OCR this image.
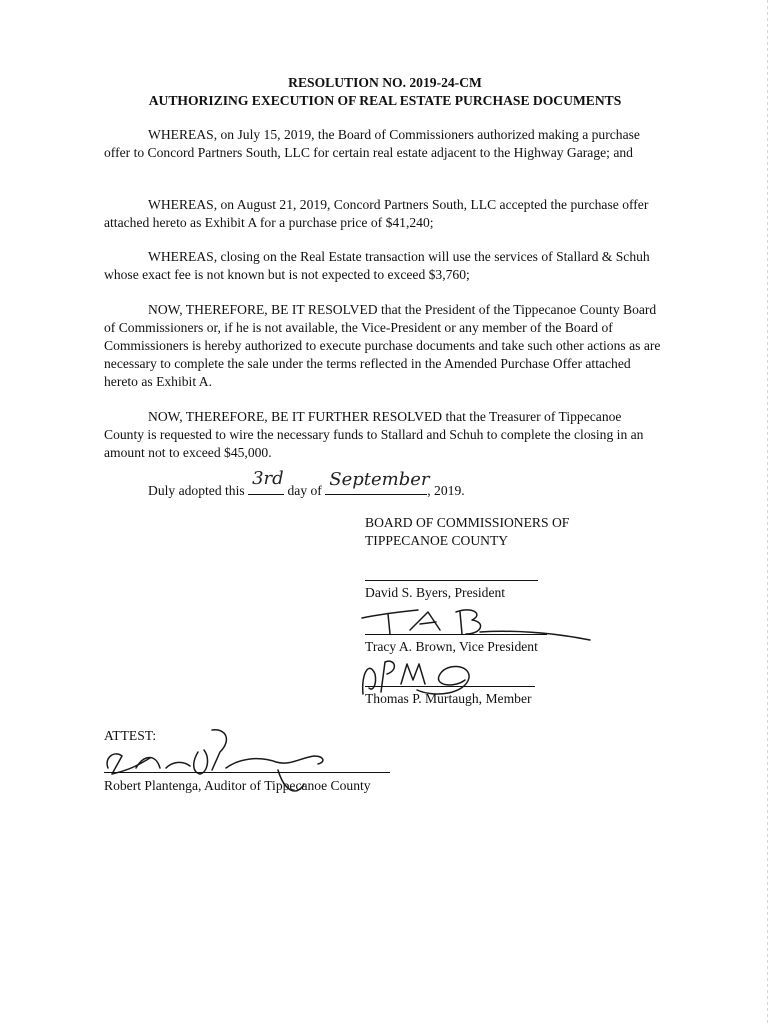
RESOLUTION NO. 2019-24-CM
AUTHORIZING EXECUTION OF REAL ESTATE PURCHASE DOCUMENTS

WHEREAS, on July 15, 2019, the Board of Commissioners authorized making a purchase offer to Concord Partners South, LLC for certain real estate adjacent to the Highway Garage; and

WHEREAS, on August 21, 2019, Concord Partners South, LLC accepted the purchase offer attached hereto as Exhibit A for a purchase price of $41,240;

WHEREAS, closing on the Real Estate transaction will use the services of Stallard & Schuh whose exact fee is not known but is not expected to exceed $3,760;

NOW, THEREFORE, BE IT RESOLVED that the President of the Tippecanoe County Board of Commissioners or, if he is not available, the Vice-President or any member of the Board of Commissioners is hereby authorized to execute purchase documents and take such other actions as are necessary to complete the sale under the terms reflected in the Amended Purchase Offer attached hereto as Exhibit A.

NOW, THEREFORE, BE IT FURTHER RESOLVED that the Treasurer of Tippecanoe County is requested to wire the necessary funds to Stallard and Schuh to complete the closing in an amount not to exceed $45,000.

Duly adopted this
3rd
day of
September
, 2019.
BOARD OF COMMISSIONERS OF
TIPPECANOE COUNTY
David S. Byers, President
Tracy A. Brown, Vice President
Thomas P. Murtaugh, Member
ATTEST:
Robert Plantenga, Auditor of Tippecanoe County
